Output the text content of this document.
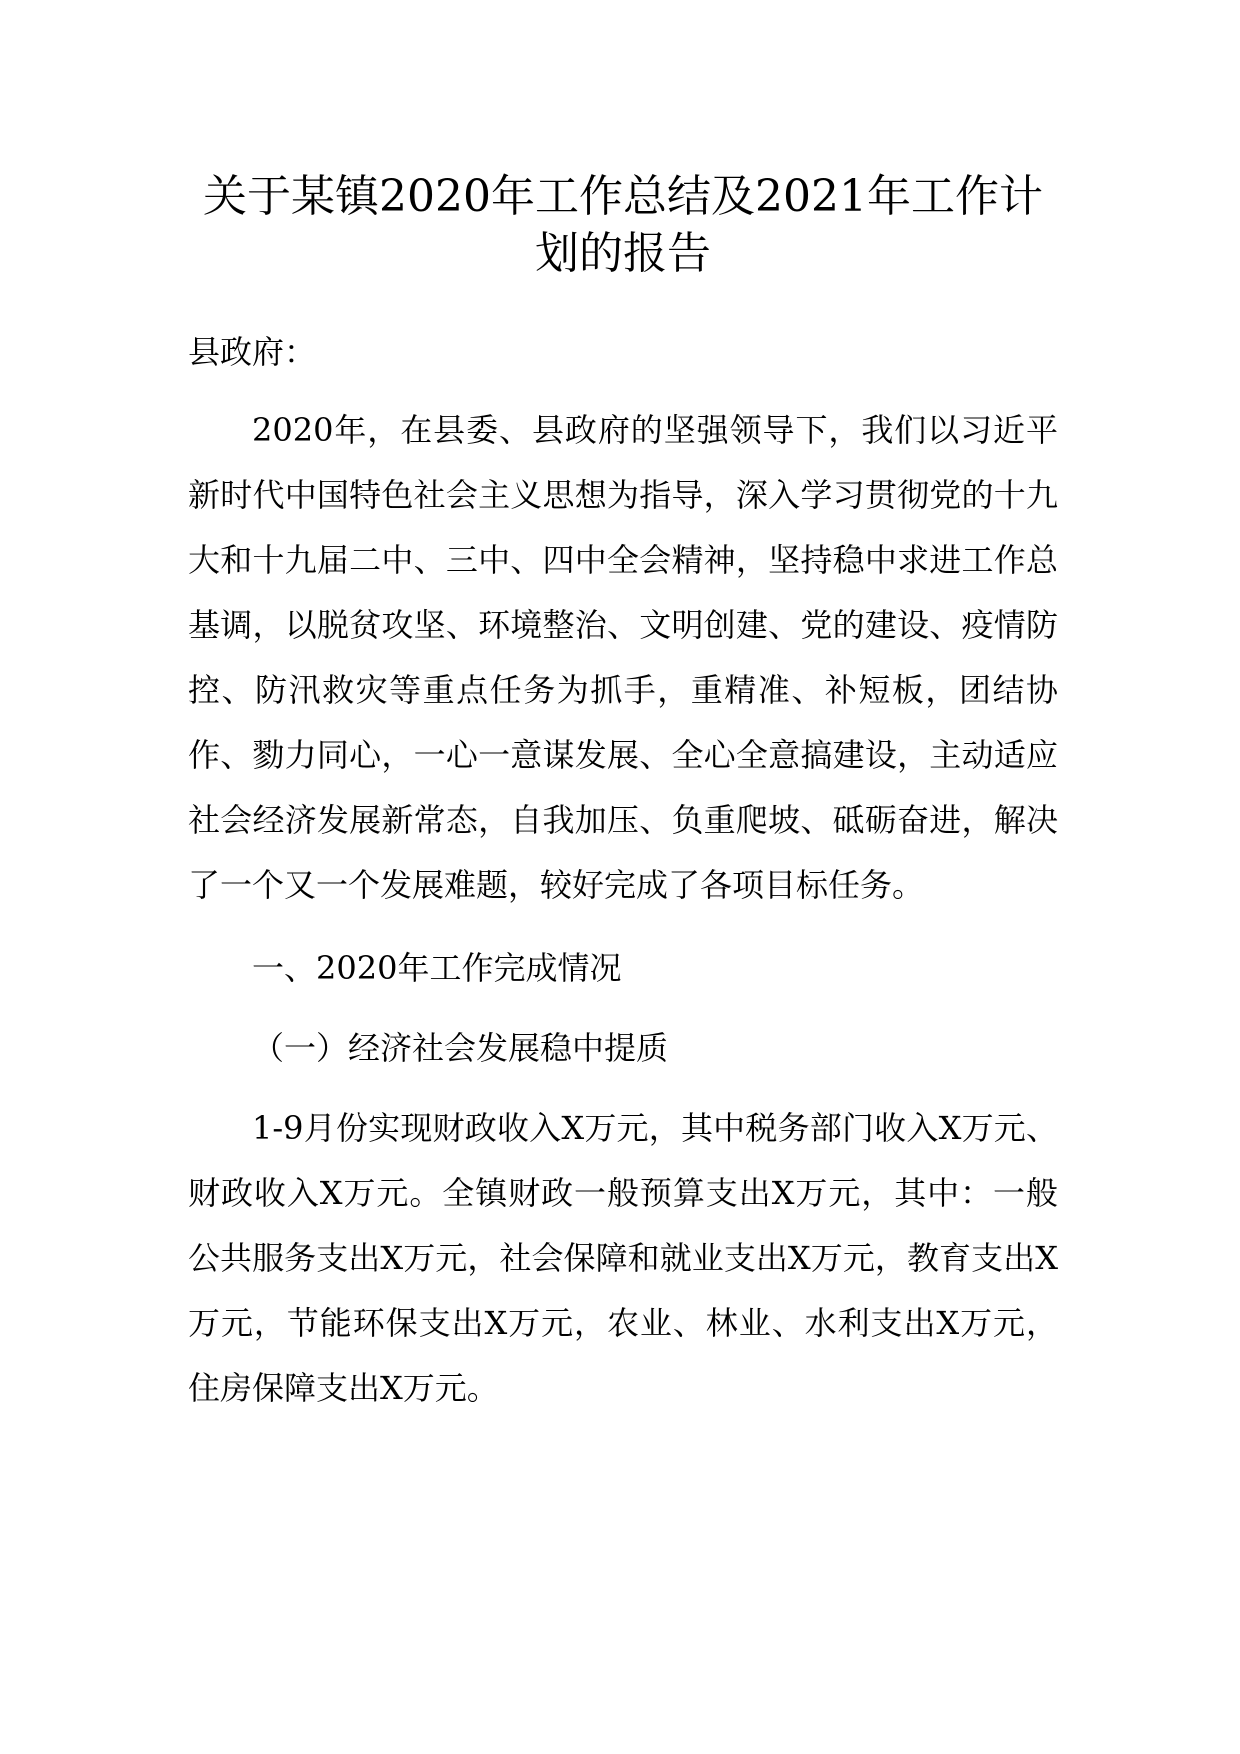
关于某镇2020年工作总结及2021年工作计
划的报告

县政府：

2020年，在县委、县政府的坚强领导下，我们以习近平新时代中国特色社会主义思想为指导，深入学习贯彻党的十九大和十九届二中、三中、四中全会精神，坚持稳中求进工作总基调，以脱贫攻坚、环境整治、文明创建、党的建设、疫情防控、防汛救灾等重点任务为抓手，重精准、补短板，团结协作、勠力同心，一心一意谋发展、全心全意搞建设，主动适应社会经济发展新常态，自我加压、负重爬坡、砥砺奋进，解决了一个又一个发展难题，较好完成了各项目标任务。

一、2020年工作完成情况

（一）经济社会发展稳中提质

1-9月份实现财政收入X万元，其中税务部门收入X万元、财政收入X万元。全镇财政一般预算支出X万元，其中：一般公共服务支出X万元，社会保障和就业支出X万元，教育支出X万元，节能环保支出X万元，农业、林业、水利支出X万元，住房保障支出X万元。
